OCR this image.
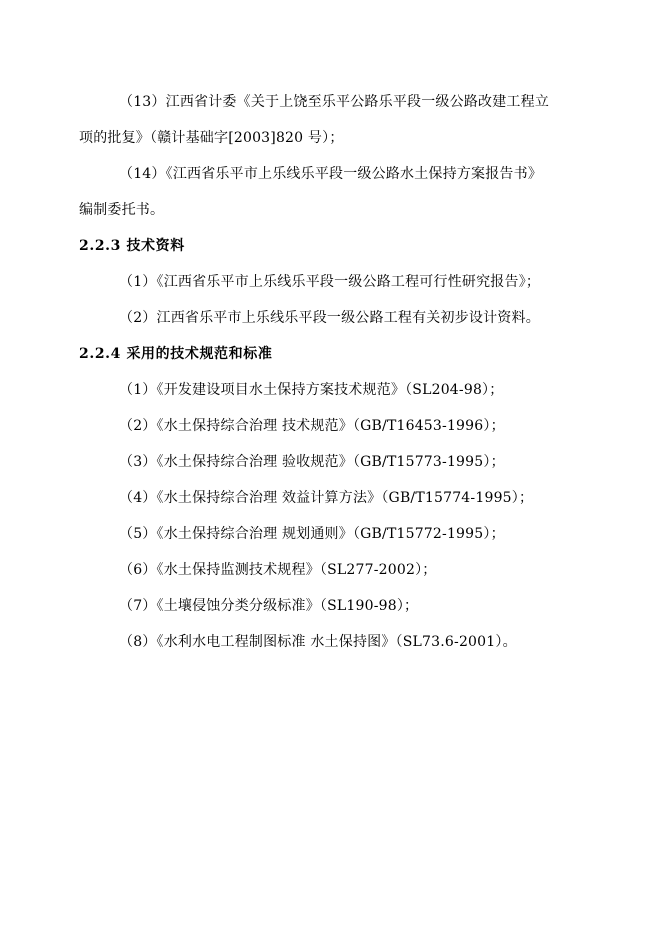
（13）江西省计委《关于上饶至乐平公路乐平段一级公路改建工程立
项的批复》（赣计基础字[2003]820 号）；
（14）《江西省乐平市上乐线乐平段一级公路水土保持方案报告书》
编制委托书。
2.2.3 技术资料
（1）《江西省乐平市上乐线乐平段一级公路工程可行性研究报告》；
（2）江西省乐平市上乐线乐平段一级公路工程有关初步设计资料。
2.2.4 采用的技术规范和标准
（1）《开发建设项目水土保持方案技术规范》（SL204-98）；
（2）《水土保持综合治理 技术规范》（GB/T16453-1996）；
（3）《水土保持综合治理 验收规范》（GB/T15773-1995）；
（4）《水土保持综合治理 效益计算方法》（GB/T15774-1995）；
（5）《水土保持综合治理 规划通则》（GB/T15772-1995）；
（6）《水土保持监测技术规程》（SL277-2002）；
（7）《土壤侵蚀分类分级标准》（SL190-98）；
（8）《水利水电工程制图标准 水土保持图》（SL73.6-2001）。
